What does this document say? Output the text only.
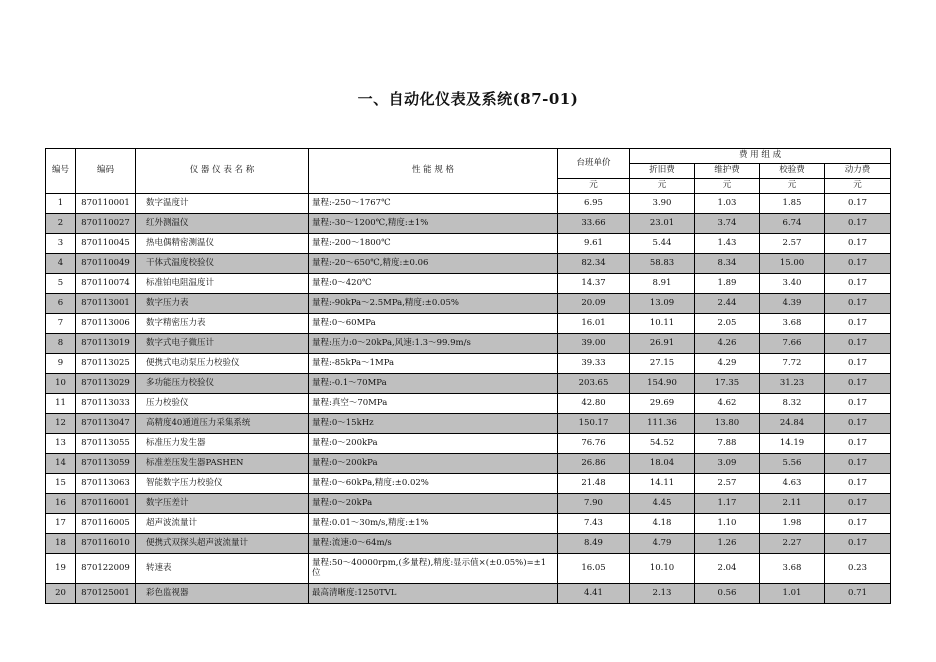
一、自动化仪表及系统(87-01)
编号	编码	仪 器 仪 表 名 称	性 能 规 格	台班单价	费 用 组 成			
					折旧费	维护费	校验费	动力费
				元	元	元	元	元
1	870110001	数字温度计	量程:-250～1767℃	6.95	3.90	1.03	1.85	0.17
2	870110027	红外测温仪	量程:-30～1200℃,精度:±1%	33.66	23.01	3.74	6.74	0.17
3	870110045	热电偶精密测温仪	量程:-200～1800℃	9.61	5.44	1.43	2.57	0.17
4	870110049	干体式温度校验仪	量程:-20～650℃,精度:±0.06	82.34	58.83	8.34	15.00	0.17
5	870110074	标准铂电阻温度计	量程:0～420℃	14.37	8.91	1.89	3.40	0.17
6	870113001	数字压力表	量程:-90kPa～2.5MPa,精度:±0.05%	20.09	13.09	2.44	4.39	0.17
7	870113006	数字精密压力表	量程:0～60MPa	16.01	10.11	2.05	3.68	0.17
8	870113019	数字式电子微压计	量程:压力:0～20kPa,风速:1.3～99.9m/s	39.00	26.91	4.26	7.66	0.17
9	870113025	便携式电动泵压力校验仪	量程:-85kPa～1MPa	39.33	27.15	4.29	7.72	0.17
10	870113029	多功能压力校验仪	量程:-0.1～70MPa	203.65	154.90	17.35	31.23	0.17
11	870113033	压力校验仪	量程:真空～70MPa	42.80	29.69	4.62	8.32	0.17
12	870113047	高精度40通道压力采集系统	量程:0～15kHz	150.17	111.36	13.80	24.84	0.17
13	870113055	标准压力发生器	量程:0～200kPa	76.76	54.52	7.88	14.19	0.17
14	870113059	标准差压发生器PASHEN	量程:0～200kPa	26.86	18.04	3.09	5.56	0.17
15	870113063	智能数字压力校验仪	量程:0～60kPa,精度:±0.02%	21.48	14.11	2.57	4.63	0.17
16	870116001	数字压差计	量程:0～20kPa	7.90	4.45	1.17	2.11	0.17
17	870116005	超声波流量计	量程:0.01～30m/s,精度:±1%	7.43	4.18	1.10	1.98	0.17
18	870116010	便携式双探头超声波流量计	量程:流速:0～64m/s	8.49	4.79	1.26	2.27	0.17
19	870122009	转速表	量程:50～40000rpm,(多量程),精度:显示值×(±0.05%)=±1位	16.05	10.10	2.04	3.68	0.23
20	870125001	彩色监视器	最高清晰度:1250TVL	4.41	2.13	0.56	1.01	0.71
